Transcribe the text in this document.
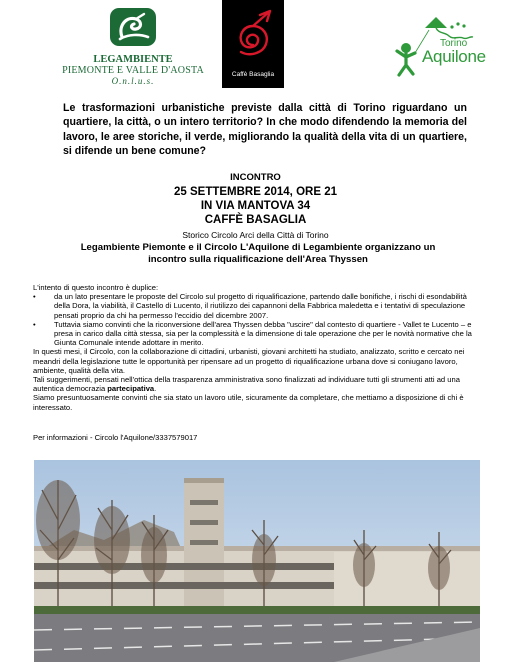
LEGAMBIENTE
PIEMONTE E VALLE D'AOSTA
O.n.l.u.s.
Caffè Basaglia
Torino
Aquilone

Le trasformazioni urbanistiche previste dalla città di Torino riguardano un quartiere, la città, o un intero territorio? In che modo difendendo la memoria del lavoro, le aree storiche, il verde, migliorando la qualità della vita di un quartiere, si difende un bene comune?

INCONTRO
25 SETTEMBRE 2014, ORE 21
IN VIA MANTOVA 34
CAFFÈ BASAGLIA
Storico Circolo Arci della Città di Torino
Legambiente Piemonte e il Circolo L'Aquilone di Legambiente organizzano un incontro sulla riqualificazione dell'Area Thyssen

L'intento di questo incontro è duplice:

• da un lato presentare le proposte del Circolo sul progetto di riqualificazione, partendo dalle bonifiche, i rischi di esondabilità della Dora, la viabilità, il Castello di Lucento, il riutilizzo dei capannoni della Fabbrica maledetta e i tentativi di speculazione pensati proprio da chi ha permesso l'eccidio del dicembre 2007.

• Tuttavia siamo convinti che la riconversione dell'area Thyssen debba "uscire" dal contesto di quartiere - Vallet te Lucento – e presa in carico dalla città stessa, sia per la complessità e la dimensione di tale operazione che per le novità normative che la Giunta Comunale intende adottare in merito.

In questi mesi, il Circolo, con la collaborazione di cittadini, urbanisti, giovani architetti ha studiato, analizzato, scritto e cercato nei meandri della legislazione tutte le opportunità per ripensare ad un progetto di riqualificazione urbana dove si coniugano lavoro, ambiente, qualità della vita.

Tali suggerimenti, pensati nell'ottica della trasparenza amministrativa sono finalizzati ad individuare tutti gli strumenti atti ad una autentica democrazia partecipativa.

Siamo presuntuosamente convinti che sia stato un lavoro utile, sicuramente da completare, che mettiamo a disposizione di chi è interessato.

Per informazioni - Circolo l'Aquilone/3337579017
